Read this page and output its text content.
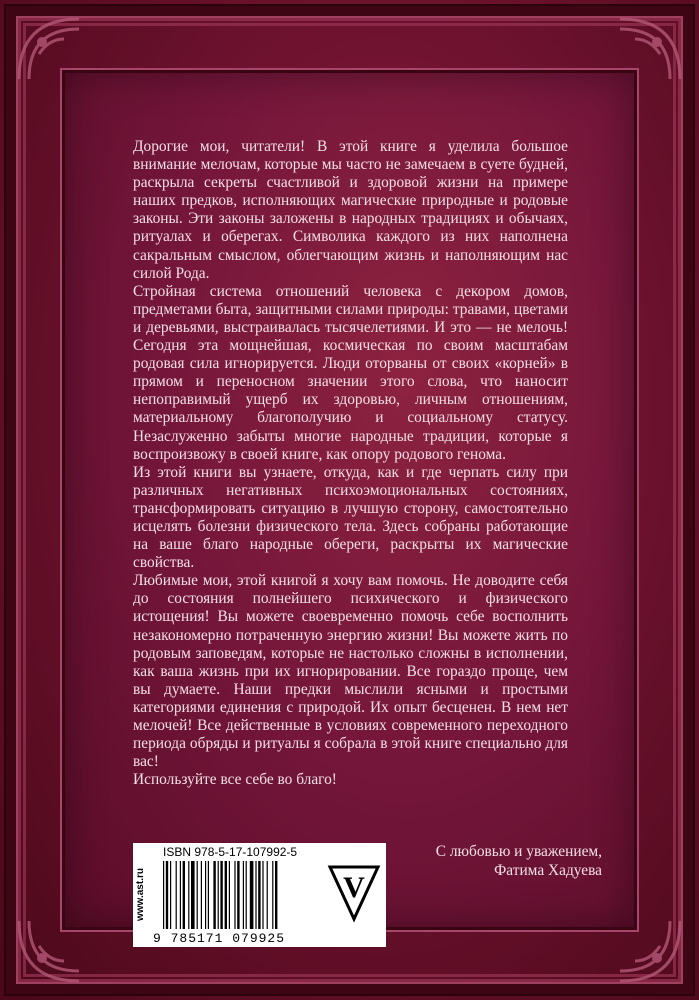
Дорогие мои, читатели! В этой книге я уделила большое внимание мелочам, которые мы часто не замечаем в суете будней, раскрыла секреты счастливой и здоровой жизни на примере наших предков, исполняющих магические природные и родовые законы. Эти законы заложены в народных традициях и обычаях, ритуалах и оберегах. Символика каждого из них наполнена сакральным смыслом, облегчающим жизнь и наполняющим нас силой Рода.

Стройная система отношений человека с декором домов, предметами быта, защитными силами природы: травами, цветами и деревьями, выстраивалась тысячелетиями. И это — не мелочь! Сегодня эта мощнейшая, космическая по своим масштабам родовая сила игнорируется. Люди оторваны от своих «корней» в прямом и переносном значении этого слова, что наносит непоправимый ущерб их здоровью, личным отношениям, материальному благополучию и социальному статусу. Незаслуженно забыты многие народные традиции, которые я воспроизвожу в своей книге, как опору родового генома.

Из этой книги вы узнаете, откуда, как и где черпать силу при различных негативных психоэмоциональных состояниях, трансформировать ситуацию в лучшую сторону, самостоятельно исцелять болезни физического тела. Здесь собраны работающие на ваше благо народные обереги, раскрыты их магические свойства.

Любимые мои, этой книгой я хочу вам помочь. Не доводите себя до состояния полнейшего психического и физического истощения! Вы можете своевременно помочь себе восполнить незакономерно потраченную энергию жизни! Вы можете жить по родовым заповедям, которые не настолько сложны в исполнении, как ваша жизнь при их игнорировании. Все гораздо проще, чем вы думаете. Наши предки мыслили ясными и простыми категориями единения с природой. Их опыт бесценен. В нем нет мелочей! Все действенные в условиях современного переходного периода обряды и ритуалы я собрала в этой книге специально для вас!

Используйте все себе во благо!

С любовью и уважением,
Фатима Хадуева
www.ast.ru
ISBN 978-5-17-107992-5
9 785171 079925
V
